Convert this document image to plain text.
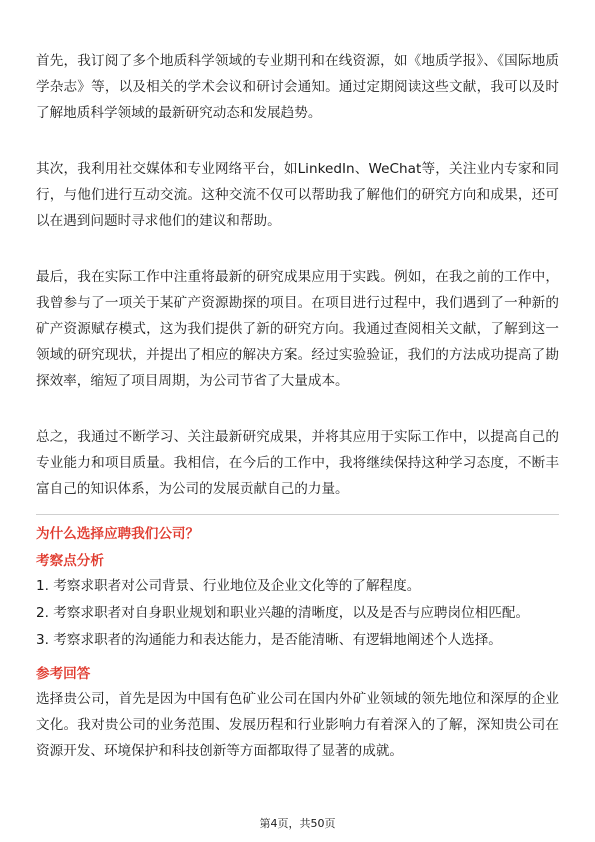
首先，我订阅了多个地质科学领域的专业期刊和在线资源，如《地质学报》、《国际地质学杂志》等，以及相关的学术会议和研讨会通知。通过定期阅读这些文献，我可以及时了解地质科学领域的最新研究动态和发展趋势。

其次，我利用社交媒体和专业网络平台，如LinkedIn、WeChat等，关注业内专家和同行，与他们进行互动交流。这种交流不仅可以帮助我了解他们的研究方向和成果，还可以在遇到问题时寻求他们的建议和帮助。

最后，我在实际工作中注重将最新的研究成果应用于实践。例如，在我之前的工作中，我曾参与了一项关于某矿产资源勘探的项目。在项目进行过程中，我们遇到了一种新的矿产资源赋存模式，这为我们提供了新的研究方向。我通过查阅相关文献，了解到这一领域的研究现状，并提出了相应的解决方案。经过实验验证，我们的方法成功提高了勘探效率，缩短了项目周期，为公司节省了大量成本。

总之，我通过不断学习、关注最新研究成果，并将其应用于实际工作中，以提高自己的专业能力和项目质量。我相信，在今后的工作中，我将继续保持这种学习态度，不断丰富自己的知识体系，为公司的发展贡献自己的力量。

为什么选择应聘我们公司？

考察点分析

1. 考察求职者对公司背景、行业地位及企业文化等的了解程度。
2. 考察求职者对自身职业规划和职业兴趣的清晰度，以及是否与应聘岗位相匹配。
3. 考察求职者的沟通能力和表达能力，是否能清晰、有逻辑地阐述个人选择。

参考回答

选择贵公司，首先是因为中国有色矿业公司在国内外矿业领域的领先地位和深厚的企业文化。我对贵公司的业务范围、发展历程和行业影响力有着深入的了解，深知贵公司在资源开发、环境保护和科技创新等方面都取得了显著的成就。

第4页，共50页
